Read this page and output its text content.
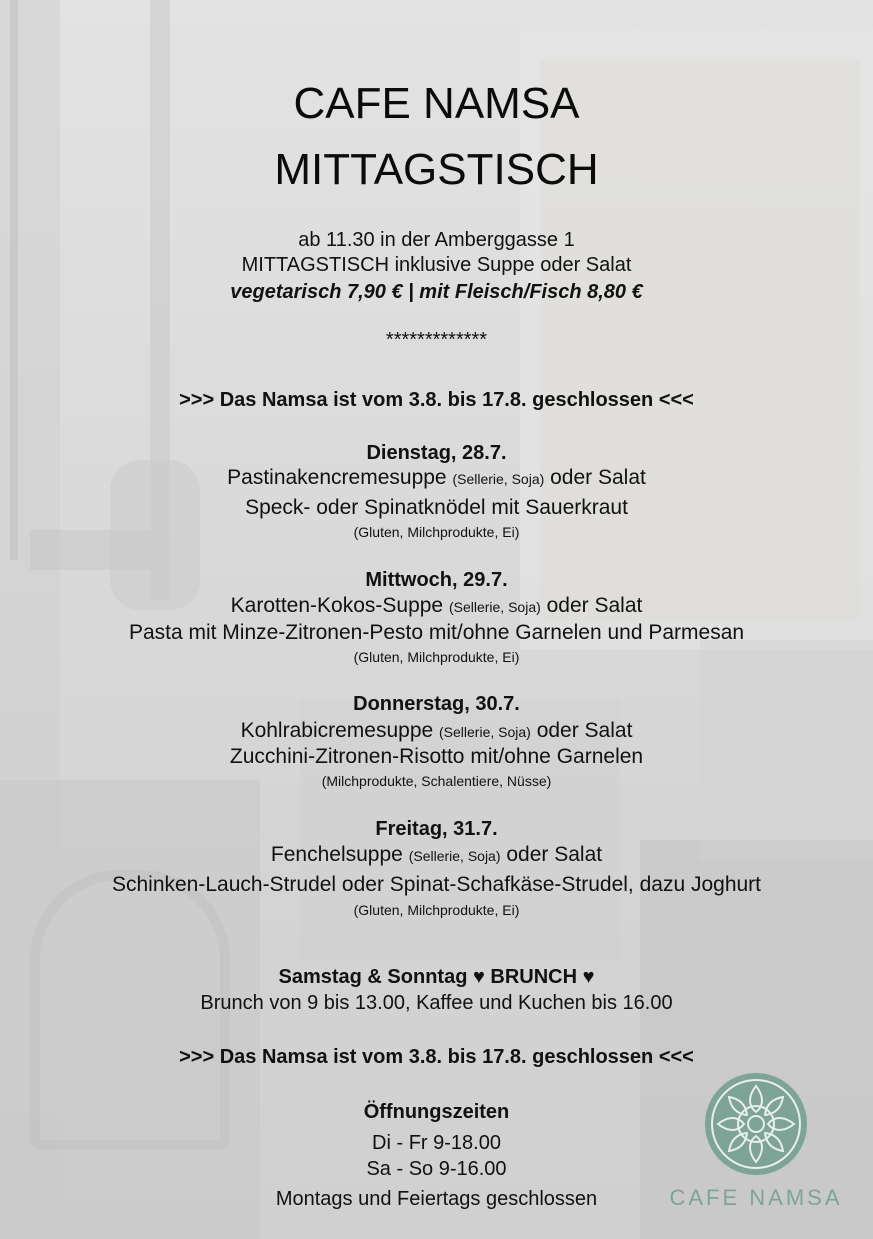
CAFE NAMSA
MITTAGSTISCH
ab 11.30 in der Amberggasse 1
MITTAGSTISCH inklusive Suppe oder Salat
vegetarisch 7,90 € | mit Fleisch/Fisch 8,80 €
*************
>>> Das Namsa ist vom 3.8. bis 17.8. geschlossen <<<
Dienstag, 28.7.
Pastinakencremesuppe (Sellerie, Soja) oder Salat
Speck- oder Spinatknödel mit Sauerkraut
(Gluten, Milchprodukte, Ei)
Mittwoch, 29.7.
Karotten-Kokos-Suppe (Sellerie, Soja) oder Salat
Pasta mit Minze-Zitronen-Pesto mit/ohne Garnelen und Parmesan
(Gluten, Milchprodukte, Ei)
Donnerstag, 30.7.
Kohlrabicremesuppe (Sellerie, Soja) oder Salat
Zucchini-Zitronen-Risotto mit/ohne Garnelen
(Milchprodukte, Schalentiere, Nüsse)
Freitag, 31.7.
Fenchelsuppe (Sellerie, Soja) oder Salat
Schinken-Lauch-Strudel oder Spinat-Schafkäse-Strudel, dazu Joghurt
(Gluten, Milchprodukte, Ei)
Samstag & Sonntag ♥ BRUNCH ♥
Brunch von 9 bis 13.00, Kaffee und Kuchen bis 16.00
>>> Das Namsa ist vom 3.8. bis 17.8. geschlossen <<<
Öffnungszeiten
Di - Fr 9-18.00
Sa - So 9-16.00
Montags und Feiertags geschlossen	CAFE NAMSA
